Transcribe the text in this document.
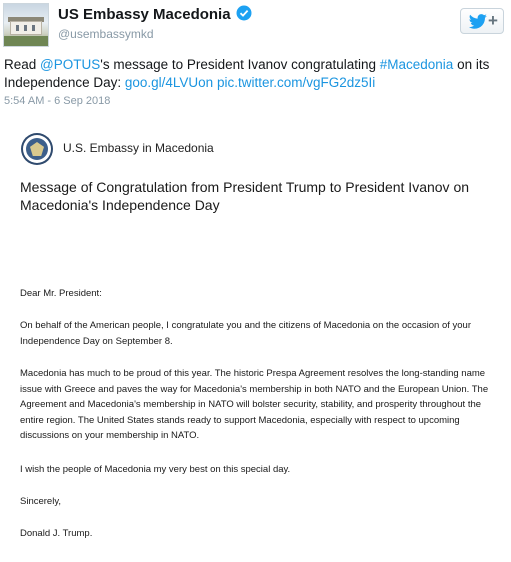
US Embassy Macedonia
@usembassymkd
+
Read @POTUS's message to President Ivanov congratulating #Macedonia on its Independence Day: goo.gl/4LVUon pic.twitter.com/vgFG2dz5Ii
5:54 AM - 6 Sep 2018
U.S. Embassy in Macedonia
Message of Congratulation from President Trump to President Ivanov on Macedonia's Independence Day
Dear Mr. President:
On behalf of the American people, I congratulate you and the citizens of Macedonia on the occasion of your Independence Day on September 8.
Macedonia has much to be proud of this year. The historic Prespa Agreement resolves the long-standing name issue with Greece and paves the way for Macedonia's membership in both NATO and the European Union. The Agreement and Macedonia's membership in NATO will bolster security, stability, and prosperity throughout the entire region. The United States stands ready to support Macedonia, especially with respect to upcoming discussions on your membership in NATO.
I wish the people of Macedonia my very best on this special day.
Sincerely,
Donald J. Trump.
